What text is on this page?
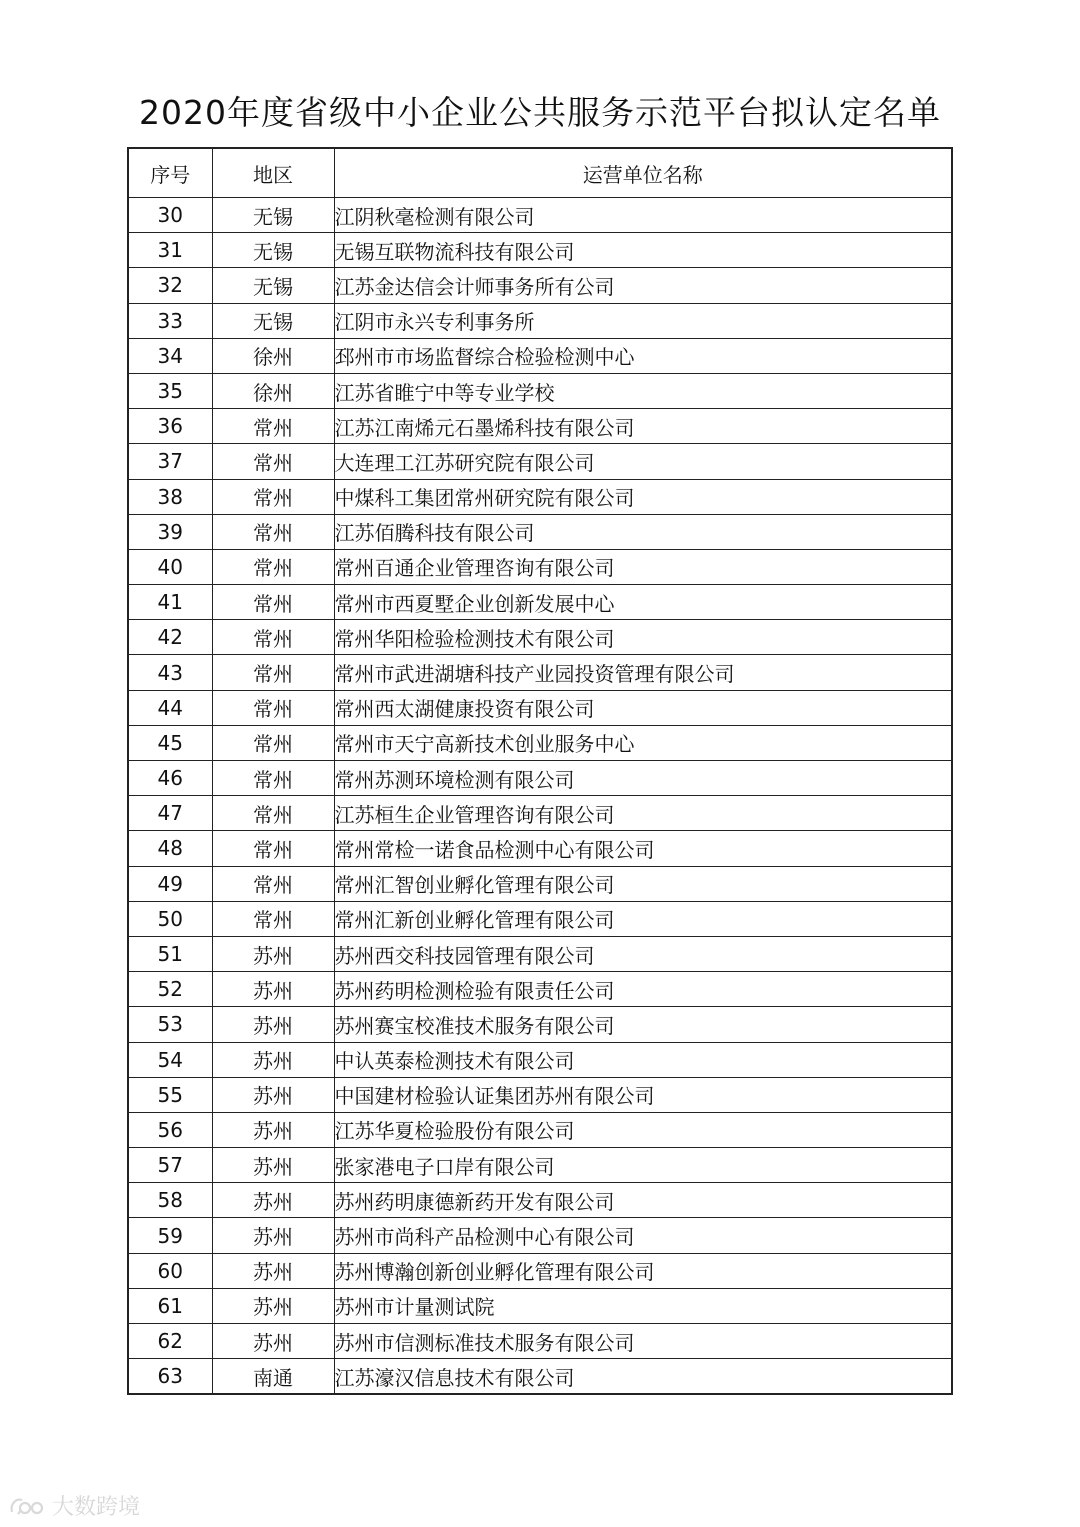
2020年度省级中小企业公共服务示范平台拟认定名单
序号	地区	运营单位名称
30	无锡	江阴秋毫检测有限公司
31	无锡	无锡互联物流科技有限公司
32	无锡	江苏金达信会计师事务所有公司
33	无锡	江阴市永兴专利事务所
34	徐州	邳州市市场监督综合检验检测中心
35	徐州	江苏省睢宁中等专业学校
36	常州	江苏江南烯元石墨烯科技有限公司
37	常州	大连理工江苏研究院有限公司
38	常州	中煤科工集团常州研究院有限公司
39	常州	江苏佰腾科技有限公司
40	常州	常州百通企业管理咨询有限公司
41	常州	常州市西夏墅企业创新发展中心
42	常州	常州华阳检验检测技术有限公司
43	常州	常州市武进湖塘科技产业园投资管理有限公司
44	常州	常州西太湖健康投资有限公司
45	常州	常州市天宁高新技术创业服务中心
46	常州	常州苏测环境检测有限公司
47	常州	江苏桓生企业管理咨询有限公司
48	常州	常州常检一诺食品检测中心有限公司
49	常州	常州汇智创业孵化管理有限公司
50	常州	常州汇新创业孵化管理有限公司
51	苏州	苏州西交科技园管理有限公司
52	苏州	苏州药明检测检验有限责任公司
53	苏州	苏州赛宝校准技术服务有限公司
54	苏州	中认英泰检测技术有限公司
55	苏州	中国建材检验认证集团苏州有限公司
56	苏州	江苏华夏检验股份有限公司
57	苏州	张家港电子口岸有限公司
58	苏州	苏州药明康德新药开发有限公司
59	苏州	苏州市尚科产品检测中心有限公司
60	苏州	苏州博瀚创新创业孵化管理有限公司
61	苏州	苏州市计量测试院
62	苏州	苏州市信测标准技术服务有限公司
63	南通	江苏濠汉信息技术有限公司
大数跨境
